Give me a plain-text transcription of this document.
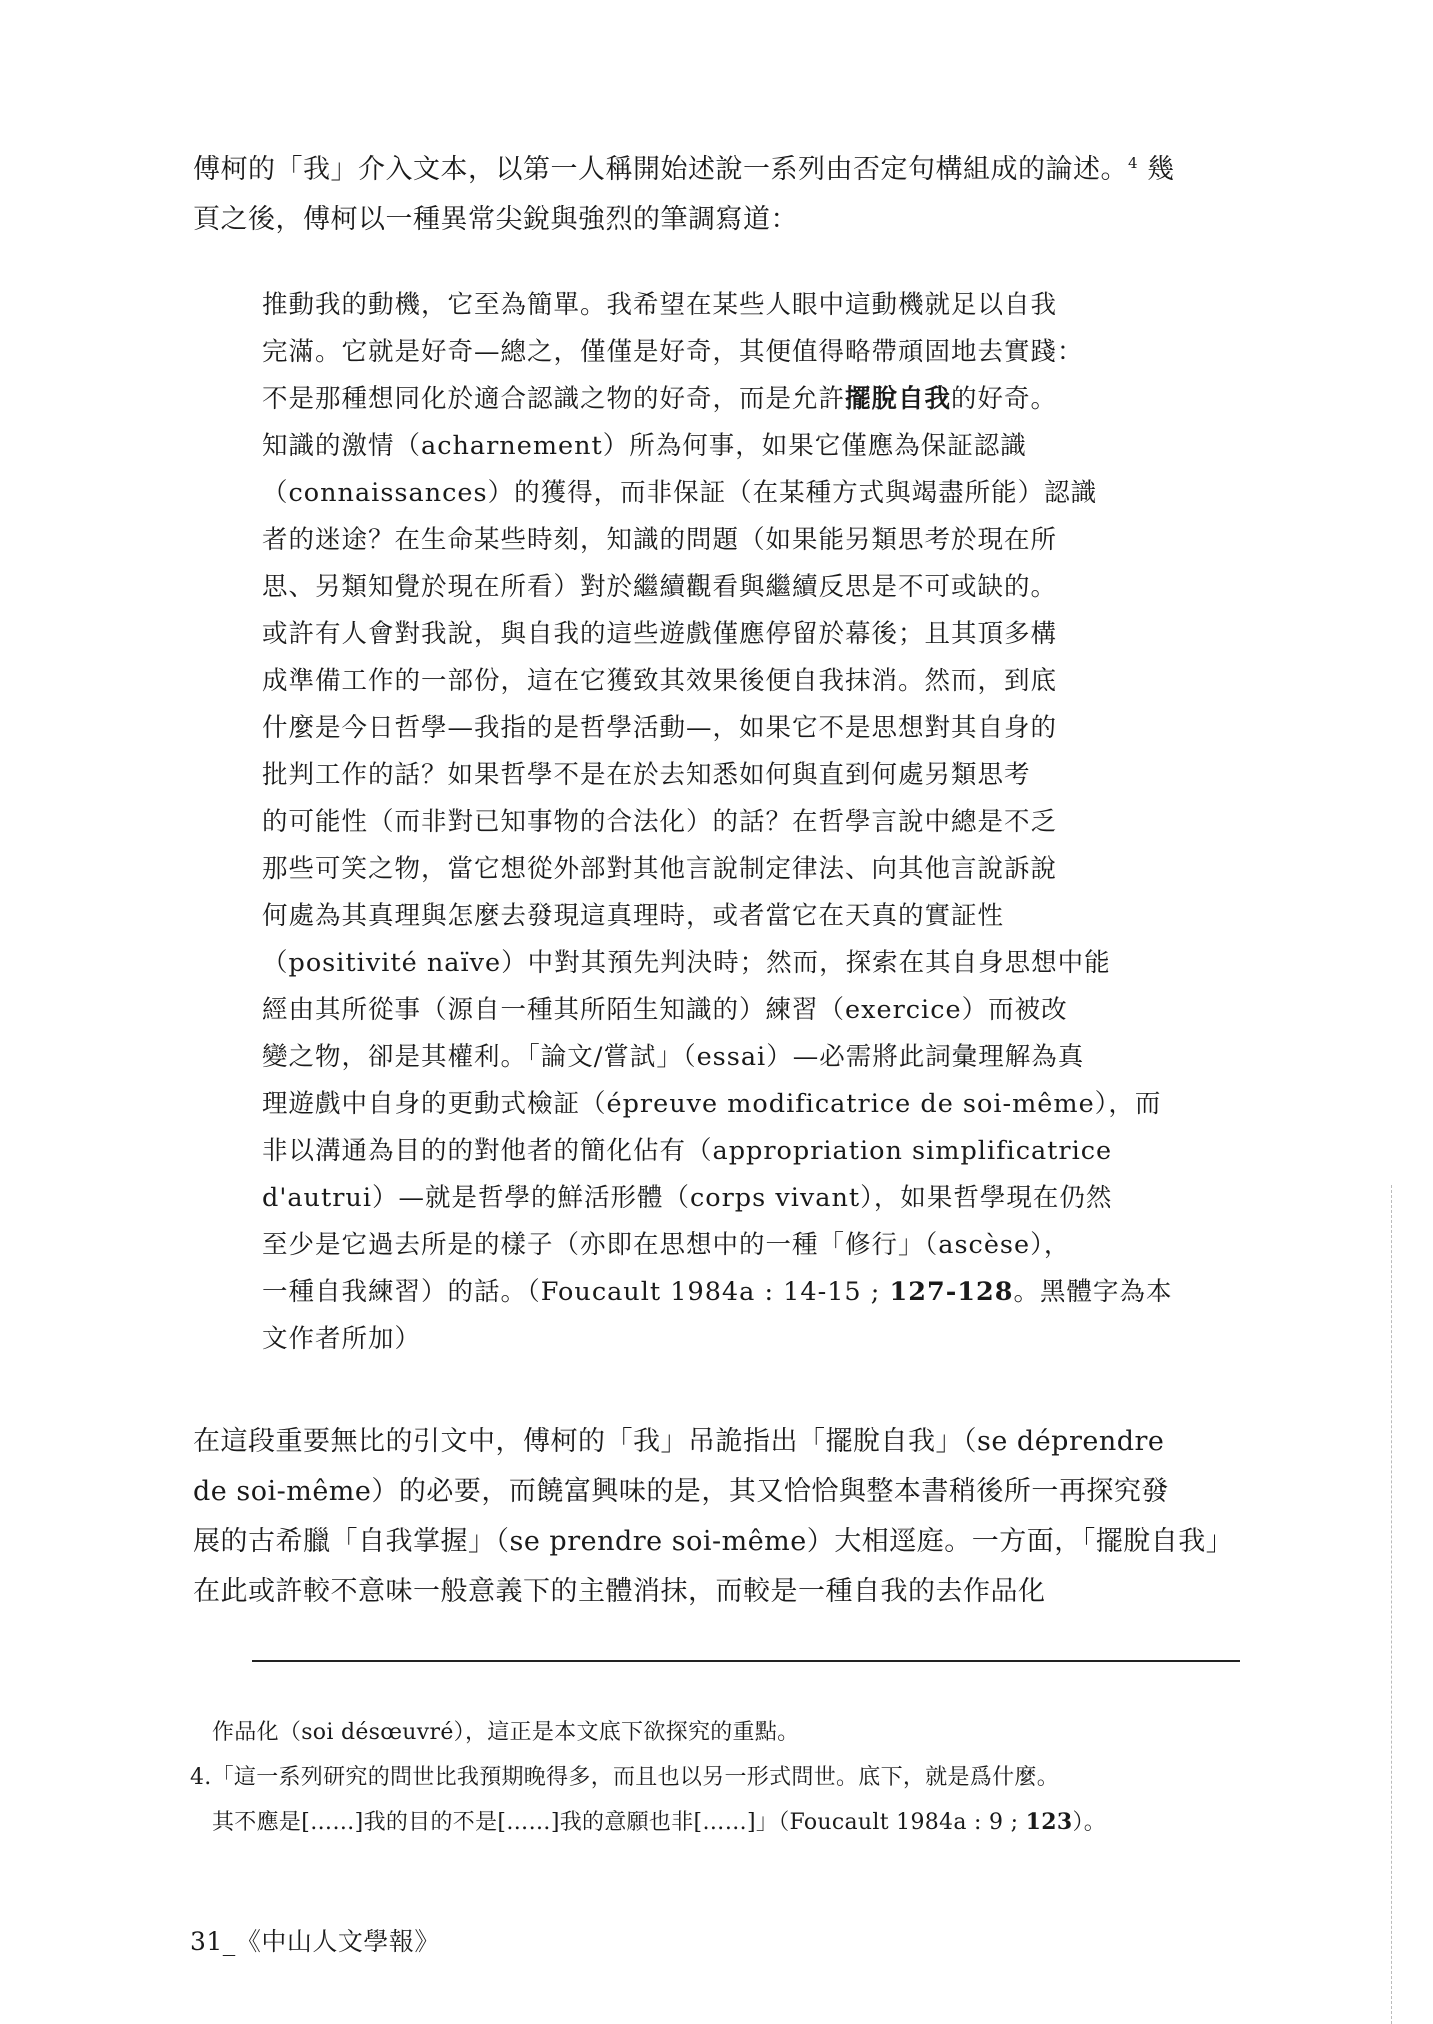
傅柯的「我」介入文本，以第一人稱開始述說一系列由否定句構組成的論述。$^4$ 幾
頁之後，傅柯以一種異常尖銳與強烈的筆調寫道：
推動我的動機，它至為簡單。我希望在某些人眼中這動機就足以自我
完滿。它就是好奇—總之，僅僅是好奇，其便值得略帶頑固地去實踐：
不是那種想同化於適合認識之物的好奇，而是允許擺脫自我的好奇。
知識的激情（acharnement）所為何事，如果它僅應為保証認識
（connaissances）的獲得，而非保証（在某種方式與竭盡所能）認識
者的迷途？在生命某些時刻，知識的問題（如果能另類思考於現在所
思、另類知覺於現在所看）對於繼續觀看與繼續反思是不可或缺的。
或許有人會對我說，與自我的這些遊戲僅應停留於幕後；且其頂多構
成準備工作的一部份，這在它獲致其效果後便自我抹消。然而，到底
什麼是今日哲學—我指的是哲學活動—，如果它不是思想對其自身的
批判工作的話？如果哲學不是在於去知悉如何與直到何處另類思考
的可能性（而非對已知事物的合法化）的話？在哲學言說中總是不乏
那些可笑之物，當它想從外部對其他言說制定律法、向其他言說訴說
何處為其真理與怎麼去發現這真理時，或者當它在天真的實証性
（positivité naïve）中對其預先判決時；然而，探索在其自身思想中能
經由其所從事（源自一種其所陌生知識的）練習（exercice）而被改
變之物，卻是其權利。「論文/嘗試」（essai）—必需將此詞彙理解為真
理遊戲中自身的更動式檢証（épreuve modificatrice de soi-même），而
非以溝通為目的的對他者的簡化佔有（appropriation simplificatrice
d'autrui）—就是哲學的鮮活形體（corps vivant），如果哲學現在仍然
至少是它過去所是的樣子（亦即在思想中的一種「修行」（ascèse），
一種自我練習）的話。（Foucault 1984a : 14-15 ; 127-128。黑體字為本
文作者所加）
在這段重要無比的引文中，傅柯的「我」吊詭指出「擺脫自我」（se déprendre
de soi-même）的必要，而饒富興味的是，其又恰恰與整本書稍後所一再探究發
展的古希臘「自我掌握」（se prendre soi-même）大相逕庭。一方面，「擺脫自我」
在此或許較不意味一般意義下的主體消抹，而較是一種自我的去作品化
作品化（soi désœuvré），這正是本文底下欲探究的重點。
4.「這一系列研究的問世比我預期晚得多，而且也以另一形式問世。底下，就是爲什麼。
其不應是[……]我的目的不是[……]我的意願也非[……]」（Foucault 1984a : 9 ; 123）。
31_《中山人文學報》
